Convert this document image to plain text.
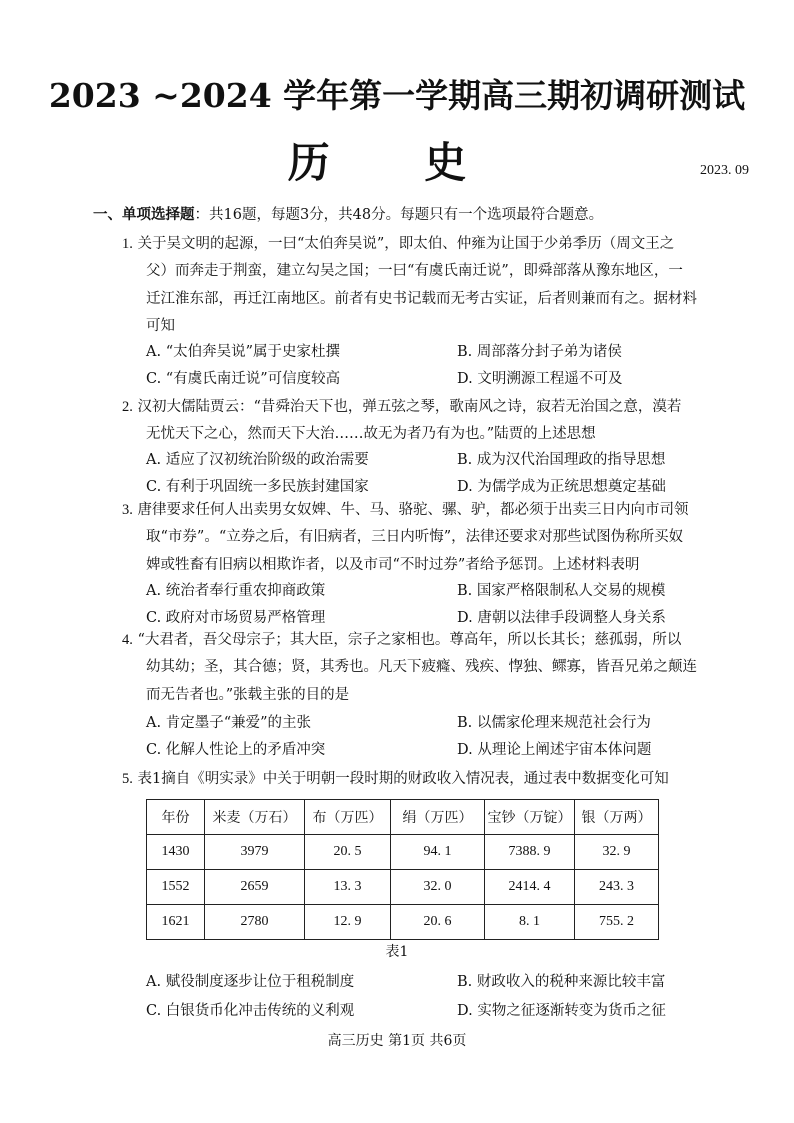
2023 ~2024 学年第一学期高三期初调研测试
历 史	2023. 09
一、单项选择题：共16题，每题3分，共48分。每题只有一个选项最符合题意。

1. 关于吴文明的起源，一曰“太伯奔吴说”，即太伯、仲雍为让国于少弟季历（周文王之

父）而奔走于荆蛮，建立勾吴之国；一曰“有虞氏南迁说”，即舜部落从豫东地区，一

迁江淮东部，再迁江南地区。前者有史书记载而无考古实证，后者则兼而有之。据材料

可知

A. “太伯奔吴说”属于史家杜撰	B. 周部落分封子弟为诸侯
C. “有虞氏南迁说”可信度较高	D. 文明溯源工程遥不可及

2. 汉初大儒陆贾云：“昔舜治天下也，弹五弦之琴，歌南风之诗，寂若无治国之意，漠若

无忧天下之心，然而天下大治……故无为者乃有为也。”陆贾的上述思想

A. 适应了汉初统治阶级的政治需要	B. 成为汉代治国理政的指导思想
C. 有利于巩固统一多民族封建国家	D. 为儒学成为正统思想奠定基础

3. 唐律要求任何人出卖男女奴婢、牛、马、骆驼、骡、驴，都必须于出卖三日内向市司领

取“市券”。“立券之后，有旧病者，三日内听悔”，法律还要求对那些试图伪称所买奴

婢或牲畜有旧病以相欺诈者，以及市司“不时过券”者给予惩罚。上述材料表明

A. 统治者奉行重农抑商政策	B. 国家严格限制私人交易的规模
C. 政府对市场贸易严格管理	D. 唐朝以法律手段调整人身关系

4. “大君者，吾父母宗子；其大臣，宗子之家相也。尊高年，所以长其长；慈孤弱，所以

幼其幼；圣，其合德；贤，其秀也。凡天下疲癃、残疾、惸独、鳏寡，皆吾兄弟之颠连

而无告者也。”张载主张的目的是

A. 肯定墨子“兼爱”的主张	B. 以儒家伦理来规范社会行为
C. 化解人性论上的矛盾冲突	D. 从理论上阐述宇宙本体问题

5. 表1摘自《明实录》中关于明朝一段时期的财政收入情况表，通过表中数据变化可知

年份	米麦（万石）	布（万匹）	绢（万匹）	宝钞（万锭）	银（万两）
1430	3979	20. 5	94. 1	7388. 9	32. 9
1552	2659	13. 3	32. 0	2414. 4	243. 3
1621	2780	12. 9	20. 6	8. 1	755. 2
表1
A. 赋役制度逐步让位于租税制度	B. 财政收入的税种来源比较丰富
C. 白银货币化冲击传统的义利观	D. 实物之征逐渐转变为货币之征
高三历史 第1页 共6页
